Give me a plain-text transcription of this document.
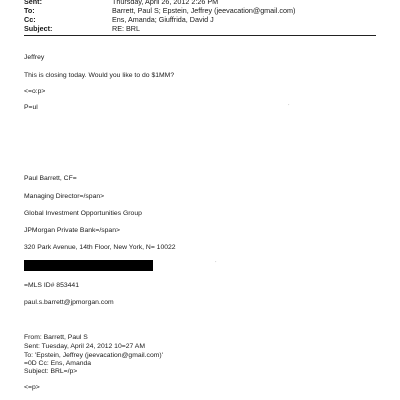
Sent:	Thursday, April 26, 2012 2:26 PM
To:	Barrett, Paul S; Epstein, Jeffrey (jeevacation@gmail.com)
Cc:	Ens, Amanda; Giuffrida, David J
Subject:	RE: BRL
Jeffrey
This is closing today. Would you like to do $1MM?
<=o:p>
P=ul	ˑ
Paul Barrett, CF=
Managing Director=/span>
Global Investment Opportunities Group
JPMorgan Private Bank=/span>
320 Park Avenue, 14th Floor, New York, N= 10022
ˑ
=MLS ID# 853441
paul.s.barrett@jpmorgan.com
From: Barrett, Paul S
Sent: Tuesday, April 24, 2012 10=27 AM
To: 'Epstein, Jeffrey (jeevacation@gmail.com)'
=0D Cc: Ens, Amanda
Subject: BRL=/p>
<=p>
